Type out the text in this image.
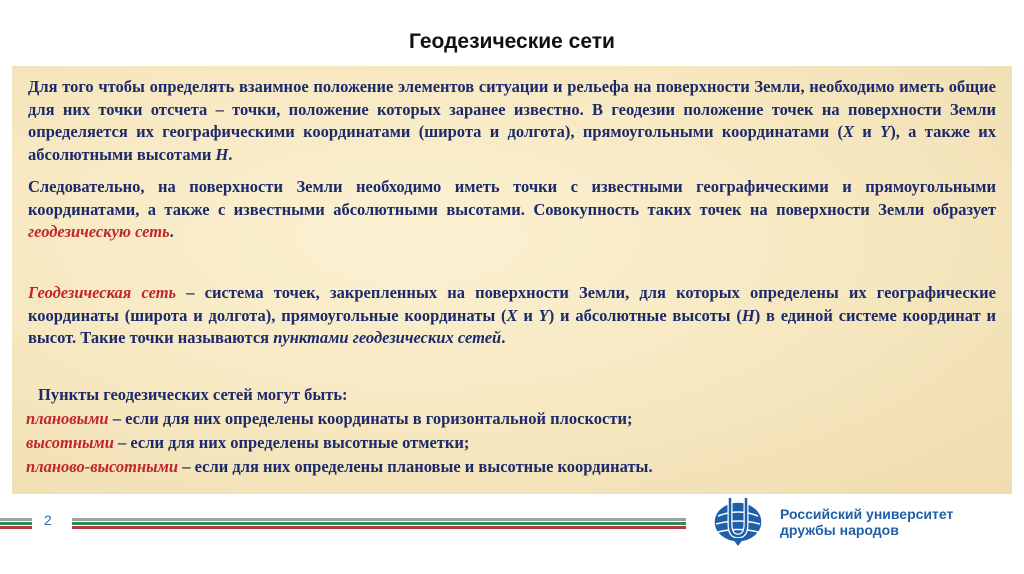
Геодезические сети
Для того чтобы определять взаимное положение элементов ситуации и рельефа на поверхности Земли, необходимо иметь общие для них точки отсчета – точки, положение которых заранее известно. В геодезии положение точек на поверхности Земли определяется их географическими координатами (широта и долгота), прямоугольными координатами (X и Y), а также их абсолютными высотами H.
Следовательно, на поверхности Земли необходимо иметь точки с известными географическими и прямоугольными координатами, а также с известными абсолютными высотами. Совокупность таких точек на поверхности Земли образует геодезическую сеть.
Геодезическая сеть – система точек, закрепленных на поверхности Земли, для которых определены их географические координаты (широта и долгота), прямоугольные координаты (X и Y) и абсолютные высоты (H) в единой системе координат и высот. Такие точки называются пунктами геодезических сетей.
Пункты геодезических сетей могут быть:
плановыми – если для них определены координаты в горизонтальной плоскости;
высотными – если для них определены высотные отметки;
планово-высотными – если для них определены плановые и высотные координаты.
2	Российский университет
дружбы народов
